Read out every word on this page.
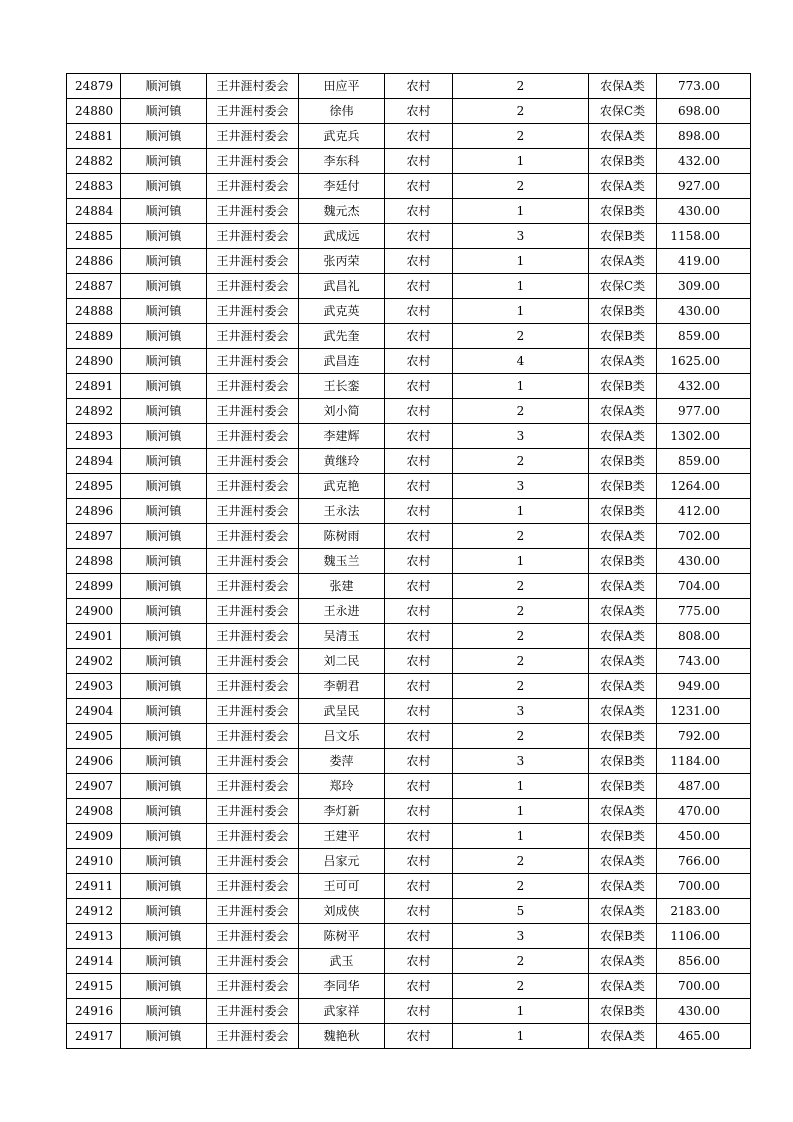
24879	顺河镇	王井涯村委会	田应平	农村	2	农保A类	773.00
24880	顺河镇	王井涯村委会	徐伟	农村	2	农保C类	698.00
24881	顺河镇	王井涯村委会	武克兵	农村	2	农保A类	898.00
24882	顺河镇	王井涯村委会	李东科	农村	1	农保B类	432.00
24883	顺河镇	王井涯村委会	李廷付	农村	2	农保A类	927.00
24884	顺河镇	王井涯村委会	魏元杰	农村	1	农保B类	430.00
24885	顺河镇	王井涯村委会	武成远	农村	3	农保B类	1158.00
24886	顺河镇	王井涯村委会	张丙荣	农村	1	农保A类	419.00
24887	顺河镇	王井涯村委会	武昌礼	农村	1	农保C类	309.00
24888	顺河镇	王井涯村委会	武克英	农村	1	农保B类	430.00
24889	顺河镇	王井涯村委会	武先奎	农村	2	农保B类	859.00
24890	顺河镇	王井涯村委会	武昌连	农村	4	农保A类	1625.00
24891	顺河镇	王井涯村委会	王长銮	农村	1	农保B类	432.00
24892	顺河镇	王井涯村委会	刘小简	农村	2	农保A类	977.00
24893	顺河镇	王井涯村委会	李建辉	农村	3	农保A类	1302.00
24894	顺河镇	王井涯村委会	黄继玲	农村	2	农保B类	859.00
24895	顺河镇	王井涯村委会	武克艳	农村	3	农保B类	1264.00
24896	顺河镇	王井涯村委会	王永法	农村	1	农保B类	412.00
24897	顺河镇	王井涯村委会	陈树雨	农村	2	农保A类	702.00
24898	顺河镇	王井涯村委会	魏玉兰	农村	1	农保B类	430.00
24899	顺河镇	王井涯村委会	张建	农村	2	农保A类	704.00
24900	顺河镇	王井涯村委会	王永进	农村	2	农保A类	775.00
24901	顺河镇	王井涯村委会	吴清玉	农村	2	农保A类	808.00
24902	顺河镇	王井涯村委会	刘二民	农村	2	农保A类	743.00
24903	顺河镇	王井涯村委会	李朝君	农村	2	农保A类	949.00
24904	顺河镇	王井涯村委会	武呈民	农村	3	农保A类	1231.00
24905	顺河镇	王井涯村委会	吕文乐	农村	2	农保B类	792.00
24906	顺河镇	王井涯村委会	娄萍	农村	3	农保B类	1184.00
24907	顺河镇	王井涯村委会	郑玲	农村	1	农保B类	487.00
24908	顺河镇	王井涯村委会	李灯新	农村	1	农保A类	470.00
24909	顺河镇	王井涯村委会	王建平	农村	1	农保B类	450.00
24910	顺河镇	王井涯村委会	吕家元	农村	2	农保A类	766.00
24911	顺河镇	王井涯村委会	王可可	农村	2	农保A类	700.00
24912	顺河镇	王井涯村委会	刘成侠	农村	5	农保A类	2183.00
24913	顺河镇	王井涯村委会	陈树平	农村	3	农保B类	1106.00
24914	顺河镇	王井涯村委会	武玉	农村	2	农保A类	856.00
24915	顺河镇	王井涯村委会	李同华	农村	2	农保A类	700.00
24916	顺河镇	王井涯村委会	武家祥	农村	1	农保B类	430.00
24917	顺河镇	王井涯村委会	魏艳秋	农村	1	农保A类	465.00
